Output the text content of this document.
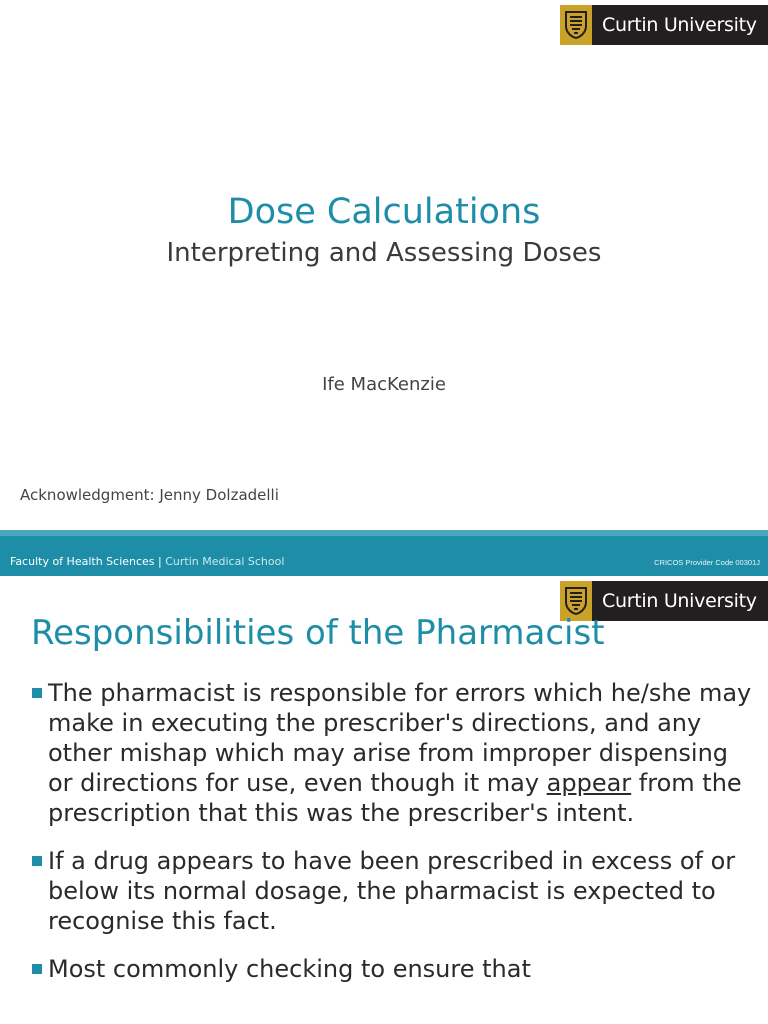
Curtin University
Dose Calculations
Interpreting and Assessing Doses

Ife MacKenzie

Acknowledgment: Jenny Dolzadelli

Faculty of Health Sciences | Curtin Medical School	CRICOS Provider Code 00301J
Curtin University
Responsibilities of the Pharmacist
The pharmacist is responsible for errors which he/she may make in executing the prescriber's directions, and any other mishap which may arise from improper dispensing or directions for use, even though it may appear from the prescription that this was the prescriber's intent.
If a drug appears to have been prescribed in excess of or below its normal dosage, the pharmacist is expected to recognise this fact.
Most commonly checking to ensure that
